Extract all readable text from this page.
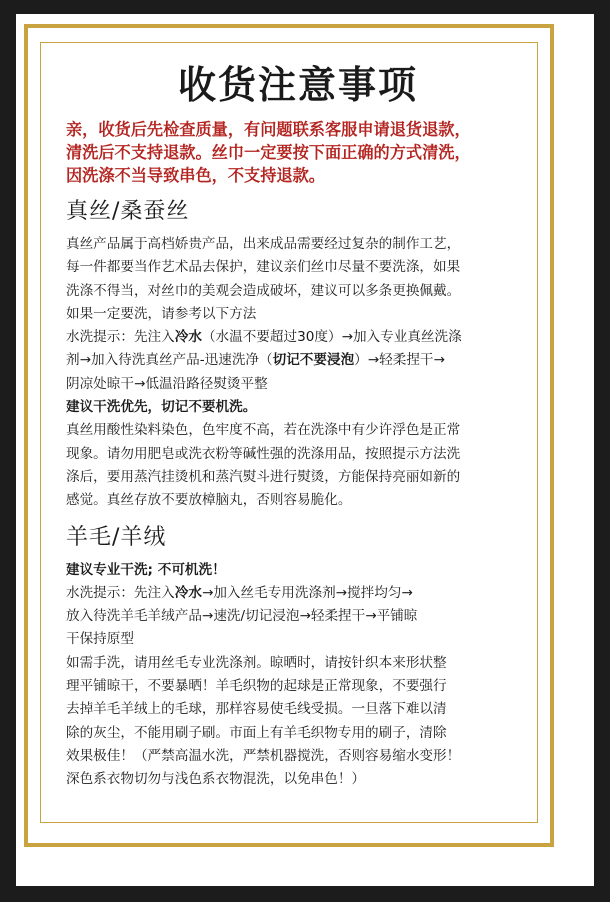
收货注意事项
亲，收货后先检查质量，有问题联系客服申请退货退款，
清洗后不支持退款。丝巾一定要按下面正确的方式清洗，
因洗涤不当导致串色，不支持退款。
真丝/桑蚕丝
真丝产品属于高档娇贵产品，出来成品需要经过复杂的制作工艺，
每一件都要当作艺术品去保护，建议亲们丝巾尽量不要洗涤，如果
洗涤不得当，对丝巾的美观会造成破坏，建议可以多条更换佩戴。
如果一定要洗，请参考以下方法
水洗提示：先注入冷水（水温不要超过30度）→加入专业真丝洗涤
剂→加入待洗真丝产品-迅速洗净（切记不要浸泡）→轻柔捏干→
阴凉处晾干→低温沿路径熨烫平整
建议干洗优先，切记不要机洗。
真丝用酸性染料染色，色牢度不高，若在洗涤中有少许浮色是正常
现象。请勿用肥皂或洗衣粉等碱性强的洗涤用品，按照提示方法洗
涤后，要用蒸汽挂烫机和蒸汽熨斗进行熨烫，方能保持亮丽如新的
感觉。真丝存放不要放樟脑丸，否则容易脆化。
羊毛/羊绒
建议专业干洗; 不可机洗！
水洗提示：先注入冷水→加入丝毛专用洗涤剂→搅拌均匀→
放入待洗羊毛羊绒产品→速洗/切记浸泡→轻柔捏干→平铺晾
干保持原型
如需手洗，请用丝毛专业洗涤剂。晾晒时，请按针织本来形状整
理平铺晾干，不要暴晒！羊毛织物的起球是正常现象，不要强行
去掉羊毛羊绒上的毛球，那样容易使毛线受损。一旦落下难以清
除的灰尘，不能用刷子刷。市面上有羊毛织物专用的刷子，清除
效果极佳！（严禁高温水洗，严禁机器搅洗，否则容易缩水变形！
深色系衣物切勿与浅色系衣物混洗，以免串色！）
